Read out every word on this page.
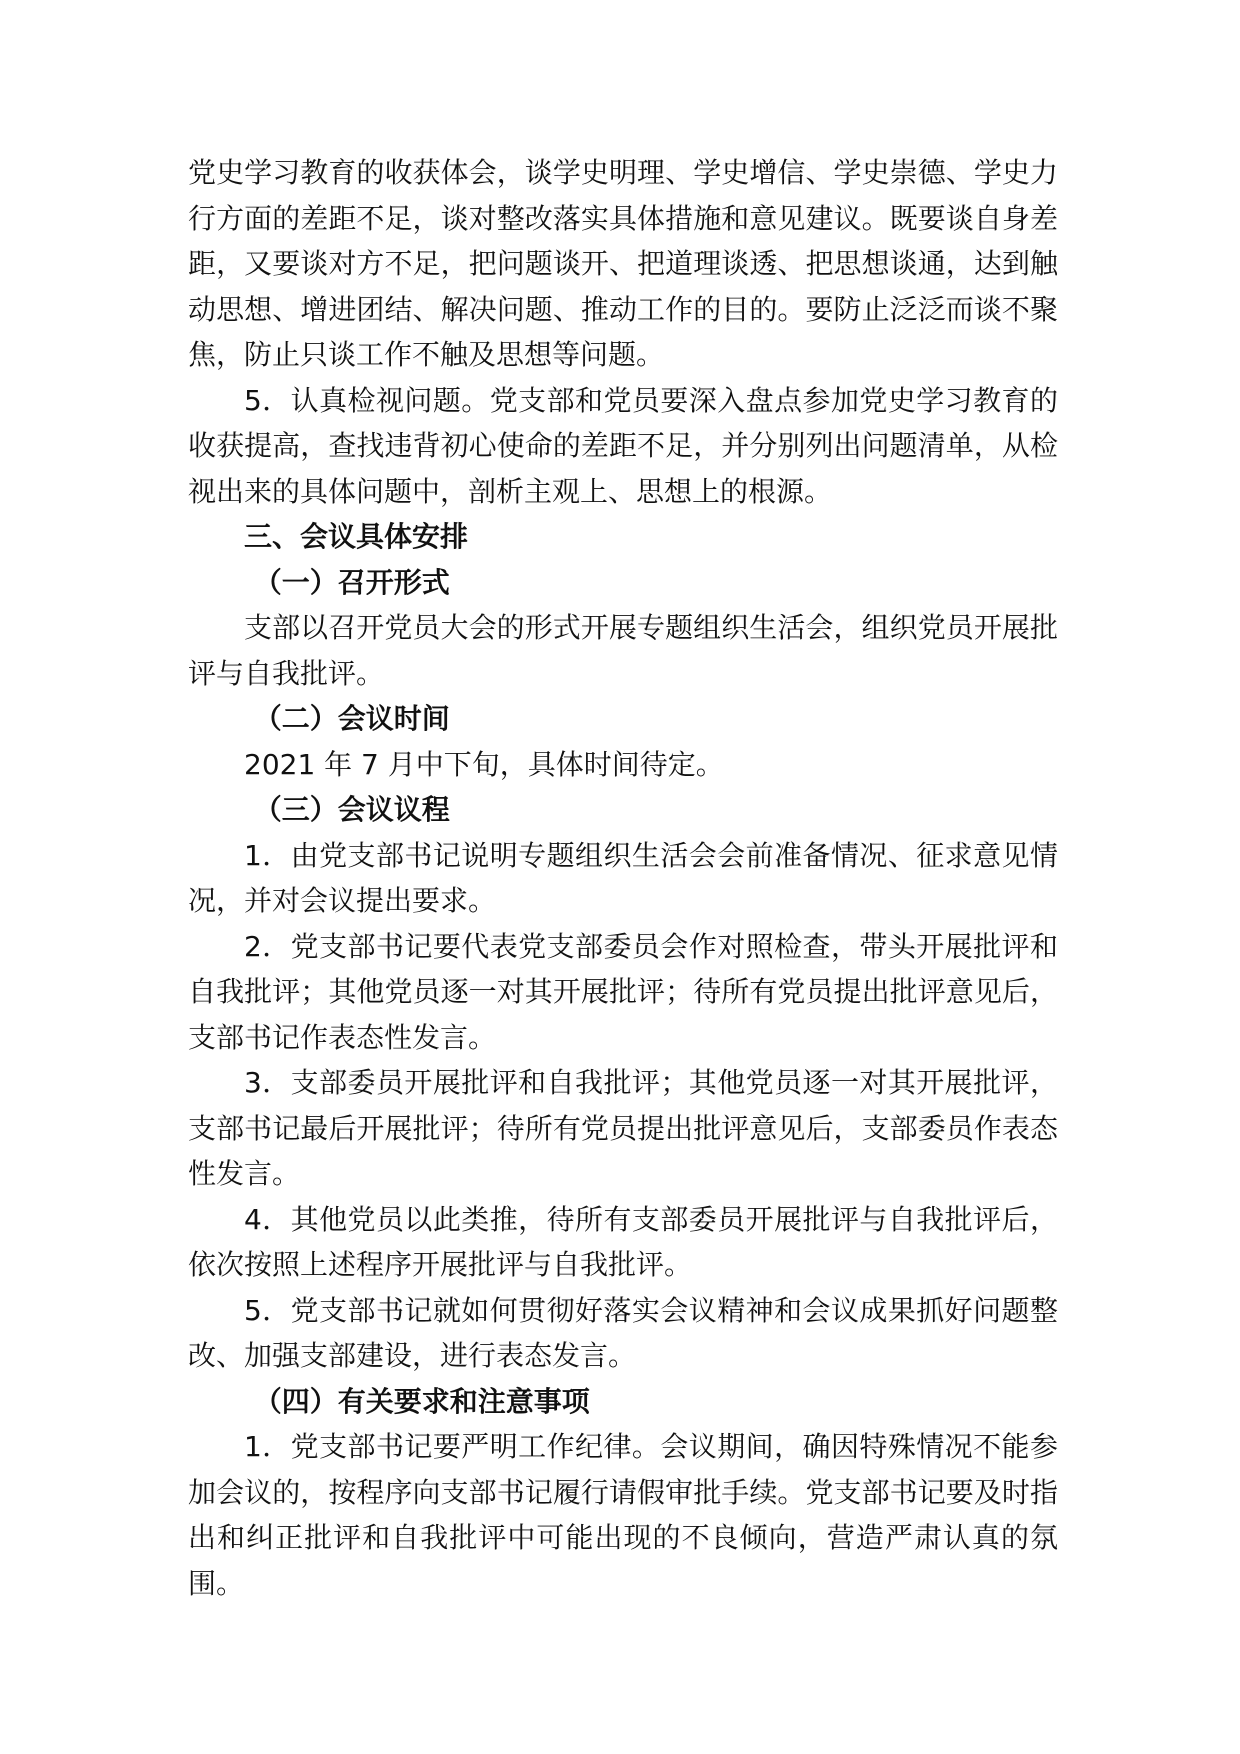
党史学习教育的收获体会，谈学史明理、学史增信、学史崇德、学史力行方面的差距不足，谈对整改落实具体措施和意见建议。既要谈自身差距，又要谈对方不足，把问题谈开、把道理谈透、把思想谈通，达到触动思想、增进团结、解决问题、推动工作的目的。要防止泛泛而谈不聚焦，防止只谈工作不触及思想等问题。

5．认真检视问题。党支部和党员要深入盘点参加党史学习教育的收获提高，查找违背初心使命的差距不足，并分别列出问题清单，从检视出来的具体问题中，剖析主观上、思想上的根源。

三、会议具体安排

（一）召开形式

支部以召开党员大会的形式开展专题组织生活会，组织党员开展批评与自我批评。

（二）会议时间

2021 年 7 月中下旬，具体时间待定。

（三）会议议程

1．由党支部书记说明专题组织生活会会前准备情况、征求意见情况，并对会议提出要求。

2．党支部书记要代表党支部委员会作对照检查，带头开展批评和自我批评；其他党员逐一对其开展批评；待所有党员提出批评意见后，支部书记作表态性发言。

3．支部委员开展批评和自我批评；其他党员逐一对其开展批评，支部书记最后开展批评；待所有党员提出批评意见后，支部委员作表态性发言。

4．其他党员以此类推，待所有支部委员开展批评与自我批评后，依次按照上述程序开展批评与自我批评。

5．党支部书记就如何贯彻好落实会议精神和会议成果抓好问题整改、加强支部建设，进行表态发言。

（四）有关要求和注意事项

1．党支部书记要严明工作纪律。会议期间，确因特殊情况不能参加会议的，按程序向支部书记履行请假审批手续。党支部书记要及时指出和纠正批评和自我批评中可能出现的不良倾向，营造严肃认真的氛围。
